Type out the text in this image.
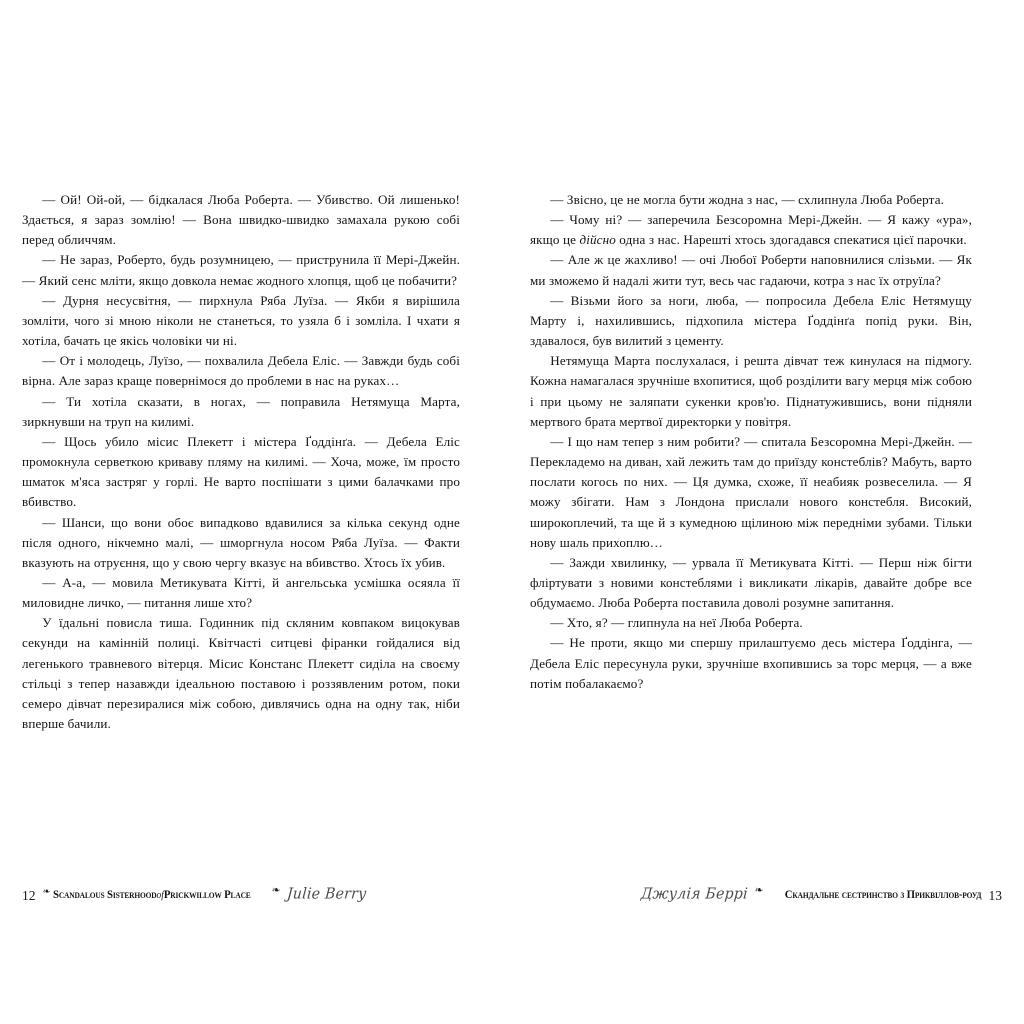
— Ой! Ой-ой, — бідкалася Люба Роберта. — Убивство. Ой лишенько! Здається, я зараз зомлію! — Вона швидко-швидко замахала рукою собі перед обличчям.

— Не зараз, Роберто, будь розумницею, — приструнила її Мері-Джейн. — Який сенс мліти, якщо довкола немає жодного хлопця, щоб це побачити?

— Дурня несусвітня, — пирхнула Ряба Луїза. — Якби я вирішила зомліти, чого зі мною ніколи не станеться, то узяла б і зомліла. І чхати я хотіла, бачать це якісь чоловіки чи ні.

— От і молодець, Луїзо, — похвалила Дебела Еліс. — Завжди будь собі вірна. Але зараз краще повернімося до проблеми в нас на руках…

— Ти хотіла сказати, в ногах, — поправила Нетямуща Марта, зиркнувши на труп на килимі.

— Щось убило місис Плекетт і містера Ґоддінґа. — Дебела Еліс промокнула серветкою криваву пляму на килимі. — Хоча, може, їм просто шматок м'яса застряг у горлі. Не варто поспішати з цими балачками про вбивство.

— Шанси, що вони обоє випадково вдавилися за кілька секунд одне після одного, нікчемно малі, — шморгнула носом Ряба Луїза. — Факти вказують на отруєння, що у свою чергу вказує на вбивство. Хтось їх убив.

— А-а, — мовила Метикувата Кітті, й ангельська усмішка осяяла її миловидне личко, — питання лише хто?

У їдальні повисла тиша. Годинник під скляним ковпаком вицокував секунди на камінній полиці. Квітчасті ситцеві фіранки гойдалися від легенького травневого вітерця. Місис Констанс Плекетт сиділа на своєму стільці з тепер назавжди ідеальною поставою і роззявленим ротом, поки семеро дівчат перезиралися між собою, дивлячись одна на одну так, ніби вперше бачили.

12 ❧ Scandalous SisterhoodofPrickwillow Place ❧ Julie Berry

— Звісно, це не могла бути жодна з нас, — схлипнула Люба Роберта.

— Чому ні? — заперечила Безсоромна Мері-Джейн. — Я кажу «ура», якщо це дійсно одна з нас. Нарешті хтось здогадався спекатися цієї парочки.

— Але ж це жахливо! — очі Любої Роберти наповнилися слізьми. — Як ми зможемо й надалі жити тут, весь час гадаючи, котра з нас їх отруїла?

— Візьми його за ноги, люба, — попросила Дебела Еліс Нетямущу Марту і, нахилившись, підхопила містера Ґоддінґа попід руки. Він, здавалося, був вилитий з цементу.

Нетямуща Марта послухалася, і решта дівчат теж кинулася на підмогу. Кожна намагалася зручніше вхопитися, щоб розділити вагу мерця між собою і при цьому не заляпати сукенки кров'ю. Піднатужившись, вони підняли мертвого брата мертвої директорки у повітря.

— І що нам тепер з ним робити? — спитала Безсоромна Мері-Джейн. — Перекладемо на диван, хай лежить там до приїзду констеблів? Мабуть, варто послати когось по них. — Ця думка, схоже, її неабияк розвеселила. — Я можу збігати. Нам з Лондона прислали нового констебля. Високий, широкоплечий, та ще й з кумедною щілиною між передніми зубами. Тільки нову шаль прихоплю…

— Зажди хвилинку, — урвала її Метикувата Кітті. — Перш ніж бігти фліртувати з новими констеблями і викликати лікарів, давайте добре все обдумаємо. Люба Роберта поставила доволі розумне запитання.

— Хто, я? — глипнула на неї Люба Роберта.

— Не проти, якщо ми спершу прилаштуємо десь містера Ґоддінга, — Дебела Еліс пересунула руки, зручніше вхопившись за торс мерця, — а вже потім побалакаємо?

Джулія Беррі ❧ Скандальне сестринство з Приквіллов-роуд 13
